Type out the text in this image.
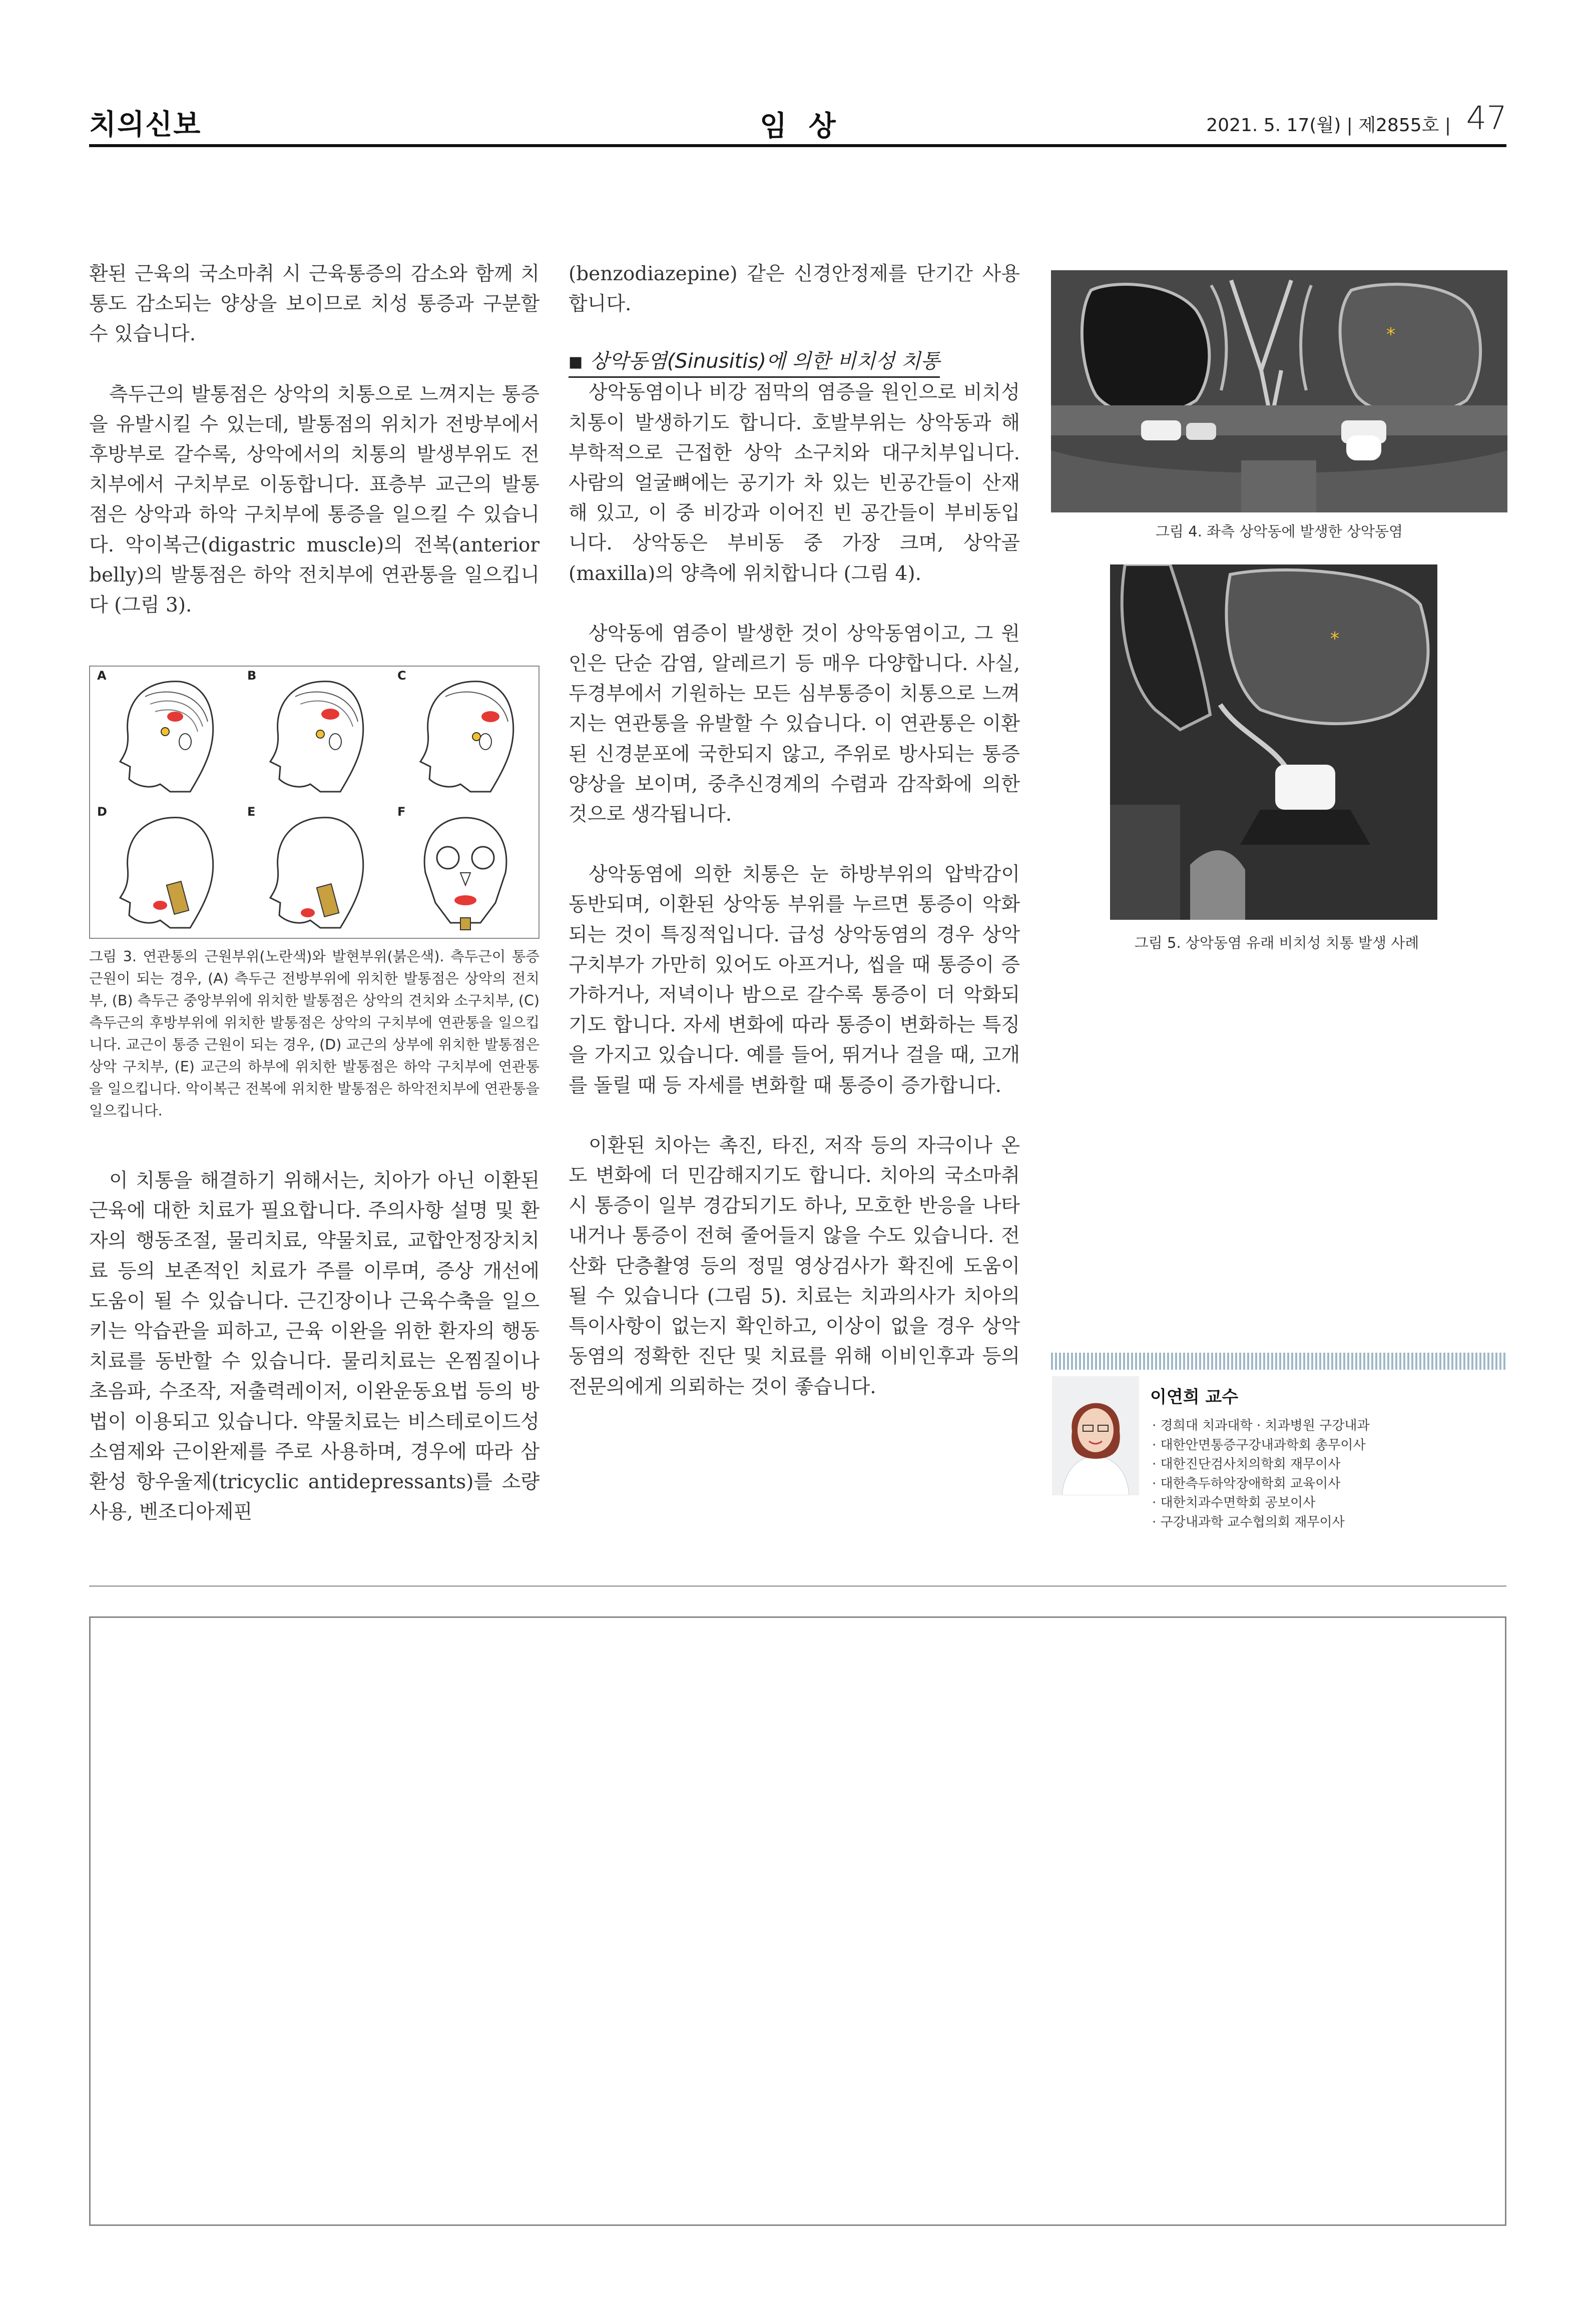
치의신보	임 상	2021. 5. 17(월) | 제2855호 | 47

환된 근육의 국소마취 시 근육통증의 감소와 함께 치통도 감소되는 양상을 보이므로 치성 통증과 구분할 수 있습니다.

측두근의 발통점은 상악의 치통으로 느껴지는 통증을 유발시킬 수 있는데, 발통점의 위치가 전방부에서 후방부로 갈수록, 상악에서의 치통의 발생부위도 전치부에서 구치부로 이동합니다. 표층부 교근의 발통점은 상악과 하악 구치부에 통증을 일으킬 수 있습니다. 악이복근(digastric muscle)의 전복(anterior belly)의 발통점은 하악 전치부에 연관통을 일으킵니다 (그림 3).

A	B	C
D	E	F
그림 3. 연관통의 근원부위(노란색)와 발현부위(붉은색). 측두근이 통증 근원이 되는 경우, (A) 측두근 전방부위에 위치한 발통점은 상악의 전치부, (B) 측두근 중앙부위에 위치한 발통점은 상악의 견치와 소구치부, (C) 측두근의 후방부위에 위치한 발통점은 상악의 구치부에 연관통을 일으킵니다. 교근이 통증 근원이 되는 경우, (D) 교근의 상부에 위치한 발통점은 상악 구치부, (E) 교근의 하부에 위치한 발통점은 하악 구치부에 연관통을 일으킵니다. 악이복근 전복에 위치한 발통점은 하악전치부에 연관통을 일으킵니다.

이 치통을 해결하기 위해서는, 치아가 아닌 이환된 근육에 대한 치료가 필요합니다. 주의사항 설명 및 환자의 행동조절, 물리치료, 약물치료, 교합안정장치치료 등의 보존적인 치료가 주를 이루며, 증상 개선에 도움이 될 수 있습니다. 근긴장이나 근육수축을 일으키는 악습관을 피하고, 근육 이완을 위한 환자의 행동치료를 동반할 수 있습니다. 물리치료는 온찜질이나 초음파, 수조작, 저출력레이저, 이완운동요법 등의 방법이 이용되고 있습니다. 약물치료는 비스테로이드성 소염제와 근이완제를 주로 사용하며, 경우에 따라 삼환성 항우울제(tricyclic antidepressants)를 소량 사용, 벤조디아제핀

(benzodiazepine) 같은 신경안정제를 단기간 사용합니다.

■ 상악동염(Sinusitis)에 의한 비치성 치통

상악동염이나 비강 점막의 염증을 원인으로 비치성 치통이 발생하기도 합니다. 호발부위는 상악동과 해부학적으로 근접한 상악 소구치와 대구치부입니다. 사람의 얼굴뼈에는 공기가 차 있는 빈공간들이 산재해 있고, 이 중 비강과 이어진 빈 공간들이 부비동입니다. 상악동은 부비동 중 가장 크며, 상악골(maxilla)의 양측에 위치합니다 (그림 4).

상악동에 염증이 발생한 것이 상악동염이고, 그 원인은 단순 감염, 알레르기 등 매우 다양합니다. 사실, 두경부에서 기원하는 모든 심부통증이 치통으로 느껴지는 연관통을 유발할 수 있습니다. 이 연관통은 이환된 신경분포에 국한되지 않고, 주위로 방사되는 통증양상을 보이며, 중추신경계의 수렴과 감작화에 의한 것으로 생각됩니다.

상악동염에 의한 치통은 눈 하방부위의 압박감이 동반되며, 이환된 상악동 부위를 누르면 통증이 악화되는 것이 특징적입니다. 급성 상악동염의 경우 상악 구치부가 가만히 있어도 아프거나, 씹을 때 통증이 증가하거나, 저녁이나 밤으로 갈수록 통증이 더 악화되기도 합니다. 자세 변화에 따라 통증이 변화하는 특징을 가지고 있습니다. 예를 들어, 뛰거나 걸을 때, 고개를 돌릴 때 등 자세를 변화할 때 통증이 증가합니다.

이환된 치아는 촉진, 타진, 저작 등의 자극이나 온도 변화에 더 민감해지기도 합니다. 치아의 국소마취 시 통증이 일부 경감되기도 하나, 모호한 반응을 나타내거나 통증이 전혀 줄어들지 않을 수도 있습니다. 전산화 단층촬영 등의 정밀 영상검사가 확진에 도움이 될 수 있습니다 (그림 5). 치료는 치과의사가 치아의 특이사항이 없는지 확인하고, 이상이 없을 경우 상악동염의 정확한 진단 및 치료를 위해 이비인후과 등의 전문의에게 의뢰하는 것이 좋습니다.

*
그림 4. 좌측 상악동에 발생한 상악동염
*
그림 5. 상악동염 유래 비치성 치통 발생 사례
이연희 교수
· 경희대 치과대학 · 치과병원 구강내과
· 대한안면통증구강내과학회 총무이사
· 대한진단검사치의학회 재무이사
· 대한측두하악장애학회 교육이사
· 대한치과수면학회 공보이사
· 구강내과학 교수협의회 재무이사
